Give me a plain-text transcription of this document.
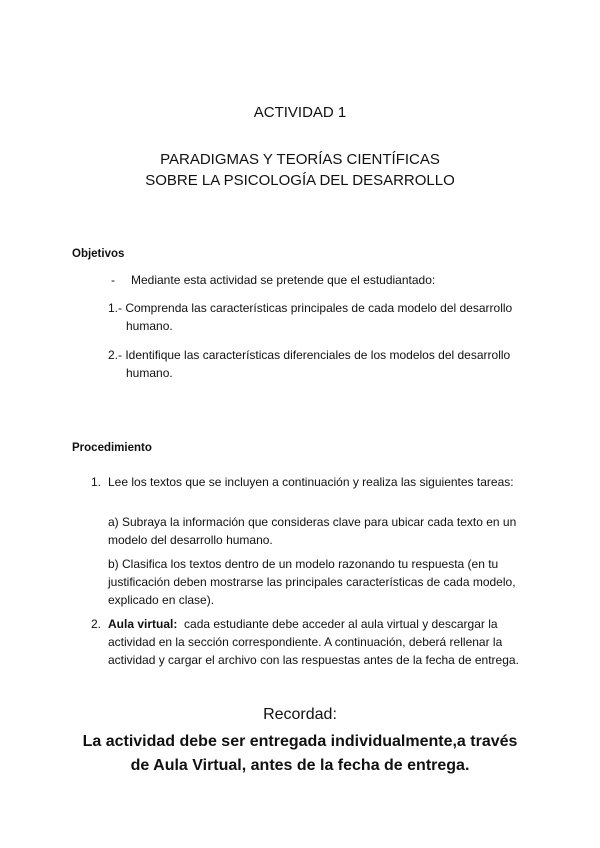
ACTIVIDAD 1
PARADIGMAS Y TEORÍAS CIENTÍFICAS
SOBRE LA PSICOLOGÍA DEL DESARROLLO
Objetivos
- Mediante esta actividad se pretende que el estudiantado:
1.- Comprenda las características principales de cada modelo del desarrollo
humano.
2.- Identifique las características diferenciales de los modelos del desarrollo
humano.
Procedimiento
1. Lee los textos que se incluyen a continuación y realiza las siguientes tareas:
a) Subraya la información que consideras clave para ubicar cada texto en un
modelo del desarrollo humano.
b) Clasifica los textos dentro de un modelo razonando tu respuesta (en tu
justificación deben mostrarse las principales características de cada modelo,
explicado en clase).
2. Aula virtual: cada estudiante debe acceder al aula virtual y descargar la
actividad en la sección correspondiente. A continuación, deberá rellenar la
actividad y cargar el archivo con las respuestas antes de la fecha de entrega.
Recordad:
La actividad debe ser entregada individualmente,a través
de Aula Virtual, antes de la fecha de entrega.
